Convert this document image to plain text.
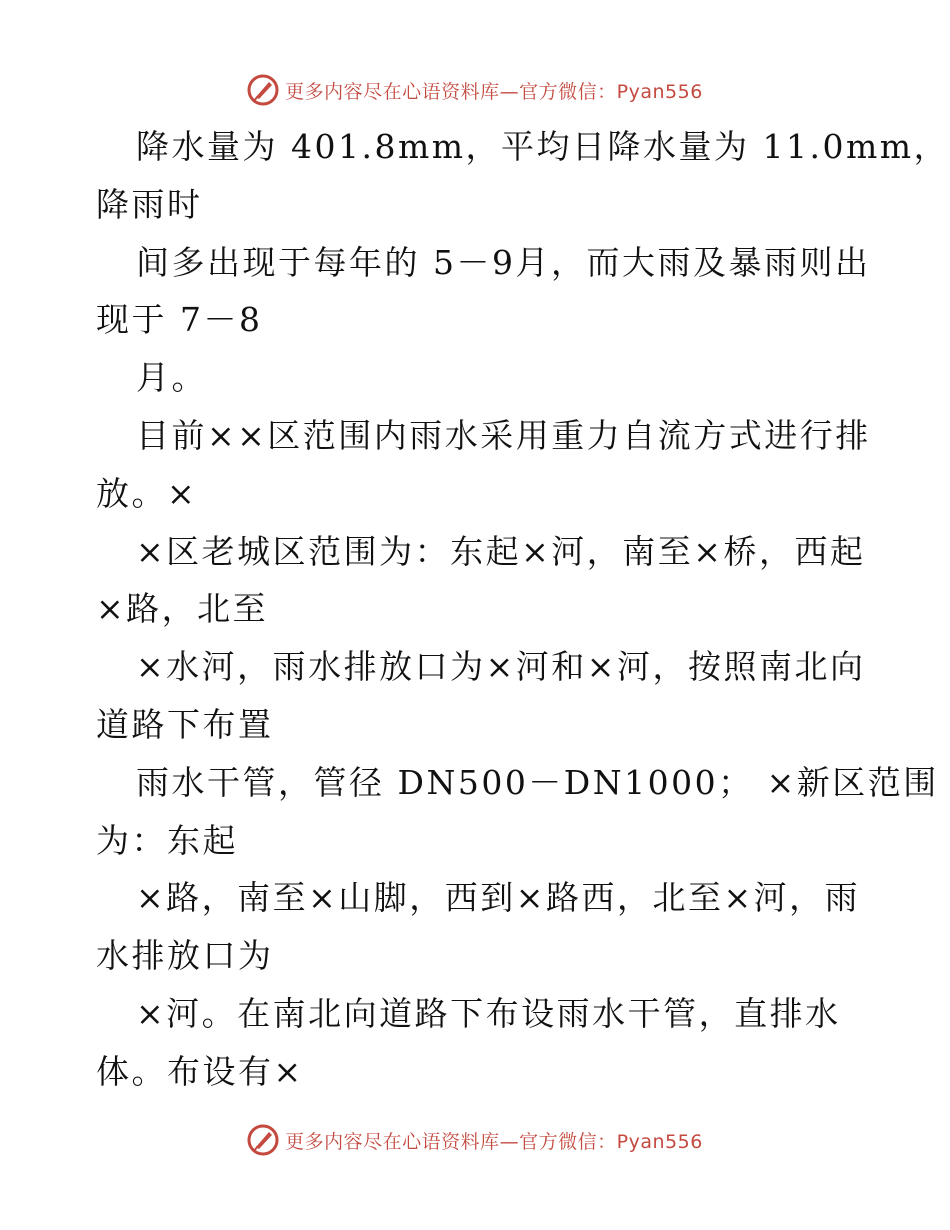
更多内容尽在心语资料库—官方微信：Pyan556
降水量为 401.8mm，平均日降水量为 11.0mm，
降雨时
间多出现于每年的 5－9月，而大雨及暴雨则出
现于 7－8
月。
目前××区范围内雨水采用重力自流方式进行排
放。×
×区老城区范围为：东起×河，南至×桥，西起
×路，北至
×水河，雨水排放口为×河和×河，按照南北向
道路下布置
雨水干管，管径 DN500－DN1000； ×新区范围
为：东起
×路，南至×山脚，西到×路西，北至×河，雨
水排放口为
×河。在南北向道路下布设雨水干管，直排水
体。布设有×
更多内容尽在心语资料库—官方微信：Pyan556
